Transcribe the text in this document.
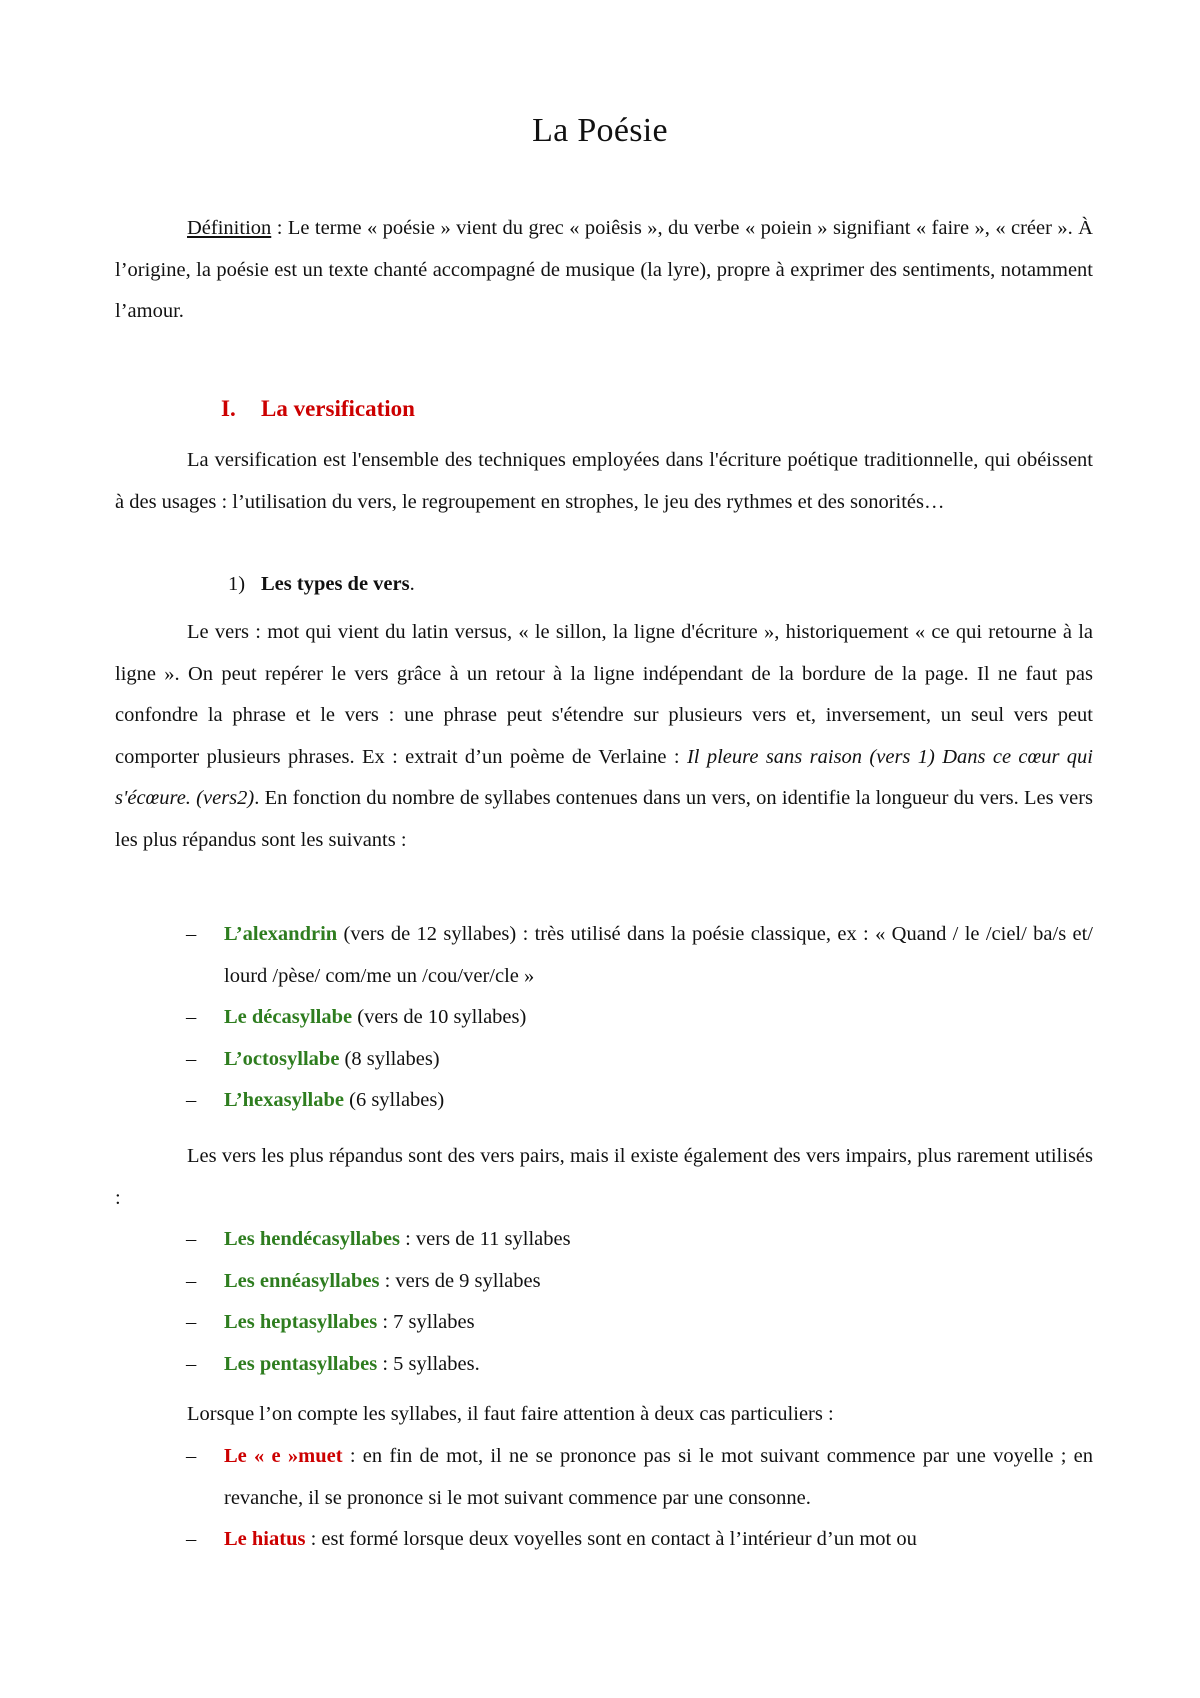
La Poésie
Définition : Le terme « poésie » vient du grec « poiêsis », du verbe « poiein » signifiant « faire », « créer ». À l’origine, la poésie est un texte chanté accompagné de musique (la lyre), propre à exprimer des sentiments, notamment l’amour.
I. La versification
La versification est l'ensemble des techniques employées dans l'écriture poétique traditionnelle, qui obéissent à des usages : l’utilisation du vers, le regroupement en strophes, le jeu des rythmes et des sonorités…
1) Les types de vers.
Le vers : mot qui vient du latin versus, « le sillon, la ligne d'écriture », historiquement « ce qui retourne à la ligne ». On peut repérer le vers grâce à un retour à la ligne indépendant de la bordure de la page. Il ne faut pas confondre la phrase et le vers : une phrase peut s'étendre sur plusieurs vers et, inversement, un seul vers peut comporter plusieurs phrases. Ex : extrait d’un poème de Verlaine : Il pleure sans raison (vers 1) Dans ce cœur qui s'écœure. (vers2). En fonction du nombre de syllabes contenues dans un vers, on identifie la longueur du vers. Les vers les plus répandus sont les suivants :
– L’alexandrin (vers de 12 syllabes) : très utilisé dans la poésie classique, ex : « Quand / le /ciel/ ba/s et/ lourd /pèse/ com/me un /cou/ver/cle »
– Le décasyllabe (vers de 10 syllabes)
– L’octosyllabe (8 syllabes)
– L’hexasyllabe (6 syllabes)
Les vers les plus répandus sont des vers pairs, mais il existe également des vers impairs, plus rarement utilisés :
– Les hendécasyllabes : vers de 11 syllabes
– Les ennéasyllabes : vers de 9 syllabes
– Les heptasyllabes : 7 syllabes
– Les pentasyllabes : 5 syllabes.
Lorsque l’on compte les syllabes, il faut faire attention à deux cas particuliers :
– Le « e »muet : en fin de mot, il ne se prononce pas si le mot suivant commence par une voyelle ; en revanche, il se prononce si le mot suivant commence par une consonne.
– Le hiatus : est formé lorsque deux voyelles sont en contact à l’intérieur d’un mot ou
